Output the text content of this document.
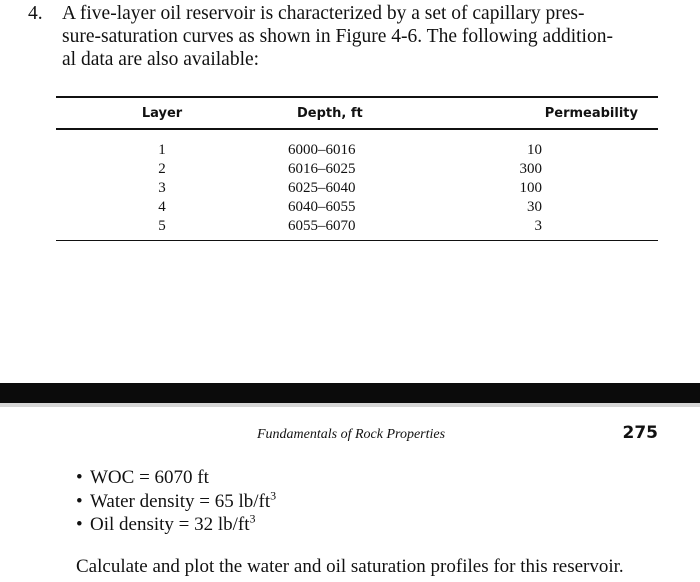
4. A five-layer oil reservoir is characterized by a set of capillary pres-
sure-saturation curves as shown in Figure 4-6. The following addition-
al data are also available:
Layer	Depth, ft	Permeability
1	6000–6016	10
2	6016–6025	300
3	6025–6040	100
4	6040–6055	30
5	6055–6070	3
Fundamentals of Rock Properties	275
• WOC = 6070 ft
• Water density = 65 $lb/ft^3$
• Oil density = 32 $lb/ft^3$
Calculate and plot the water and oil saturation profiles for this reservoir.
